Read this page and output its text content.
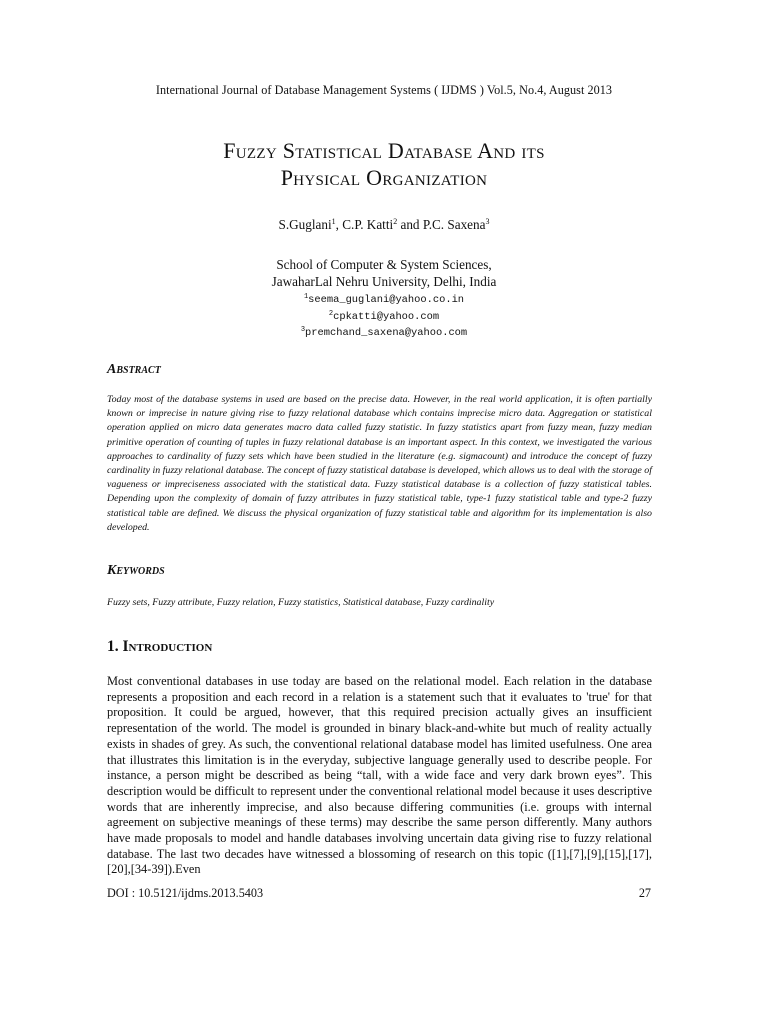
International Journal of Database Management Systems ( IJDMS ) Vol.5, No.4, August 2013
Fuzzy Statistical Database And its
Physical Organization
S.Guglani$^1$, C.P. Katti$^2$ and P.C. Saxena$^3$
School of Computer & System Sciences,
JawaharLal Nehru University, Delhi, India
$^1$seema_guglani@yahoo.co.in
$^2$cpkatti@yahoo.com
$^3$premchand_saxena@yahoo.com
Abstract
Today most of the database systems in used are based on the precise data. However, in the real world application, it is often partially known or imprecise in nature giving rise to fuzzy relational database which contains imprecise micro data. Aggregation or statistical operation applied on micro data generates macro data called fuzzy statistic. In fuzzy statistics apart from fuzzy mean, fuzzy median primitive operation of counting of tuples in fuzzy relational database is an important aspect. In this context, we investigated the various approaches to cardinality of fuzzy sets which have been studied in the literature (e.g. sigmacount) and introduce the concept of fuzzy cardinality in fuzzy relational database. The concept of fuzzy statistical database is developed, which allows us to deal with the storage of vagueness or impreciseness associated with the statistical data. Fuzzy statistical database is a collection of fuzzy statistical tables. Depending upon the complexity of domain of fuzzy attributes in fuzzy statistical table, type-1 fuzzy statistical table and type-2 fuzzy statistical table are defined. We discuss the physical organization of fuzzy statistical table and algorithm for its implementation is also developed.
Keywords
Fuzzy sets, Fuzzy attribute, Fuzzy relation, Fuzzy statistics, Statistical database, Fuzzy cardinality
1. Introduction
Most conventional databases in use today are based on the relational model. Each relation in the database represents a proposition and each record in a relation is a statement such that it evaluates to 'true' for that proposition. It could be argued, however, that this required precision actually gives an insufficient representation of the world. The model is grounded in binary black-and-white but much of reality actually exists in shades of grey. As such, the conventional relational database model has limited usefulness. One area that illustrates this limitation is in the everyday, subjective language generally used to describe people. For instance, a person might be described as being “tall, with a wide face and very dark brown eyes”. This description would be difficult to represent under the conventional relational model because it uses descriptive words that are inherently imprecise, and also because differing communities (i.e. groups with internal agreement on subjective meanings of these terms) may describe the same person differently. Many authors have made proposals to model and handle databases involving uncertain data giving rise to fuzzy relational database. The last two decades have witnessed a blossoming of research on this topic ([1],[7],[9],[15],[17],[20],[34-39]).Even
DOI : 10.5121/ijdms.2013.5403	27
